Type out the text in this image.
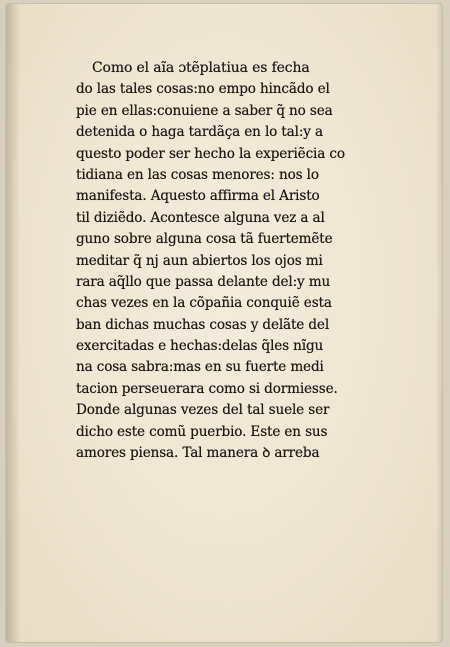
Como el aĩa ɔtẽplatiua es fecha
do las tales cosas:no empo hincãdo el
pie en ellas:conuiene a saber q̃ no sea
detenida o haga tardãça en lo tal:y a
questo poder ser hecho la experiẽcia co
tidiana en las cosas menores: nos lo
manifesta. Aquesto affirma el Aristo
til diziẽdo. Acontesce alguna vez a al
guno sobre alguna cosa tã fuertemẽte
meditar q̃ nj aun abiertos los ojos mi
rara aq̃llo que passa delante del:y mu
chas vezes en la cõpañia conquiẽ esta
ban dichas muchas cosas y delãte del
exercitadas e hechas:delas q̃les nĩgu
na cosa sabra:mas en su fuerte medi
tacion perseuerara como si dormiesse.
Donde algunas vezes del tal suele ser
dicho este comũ puerbio. Este en sus
amores piensa. Tal manera ꝺ arreba
